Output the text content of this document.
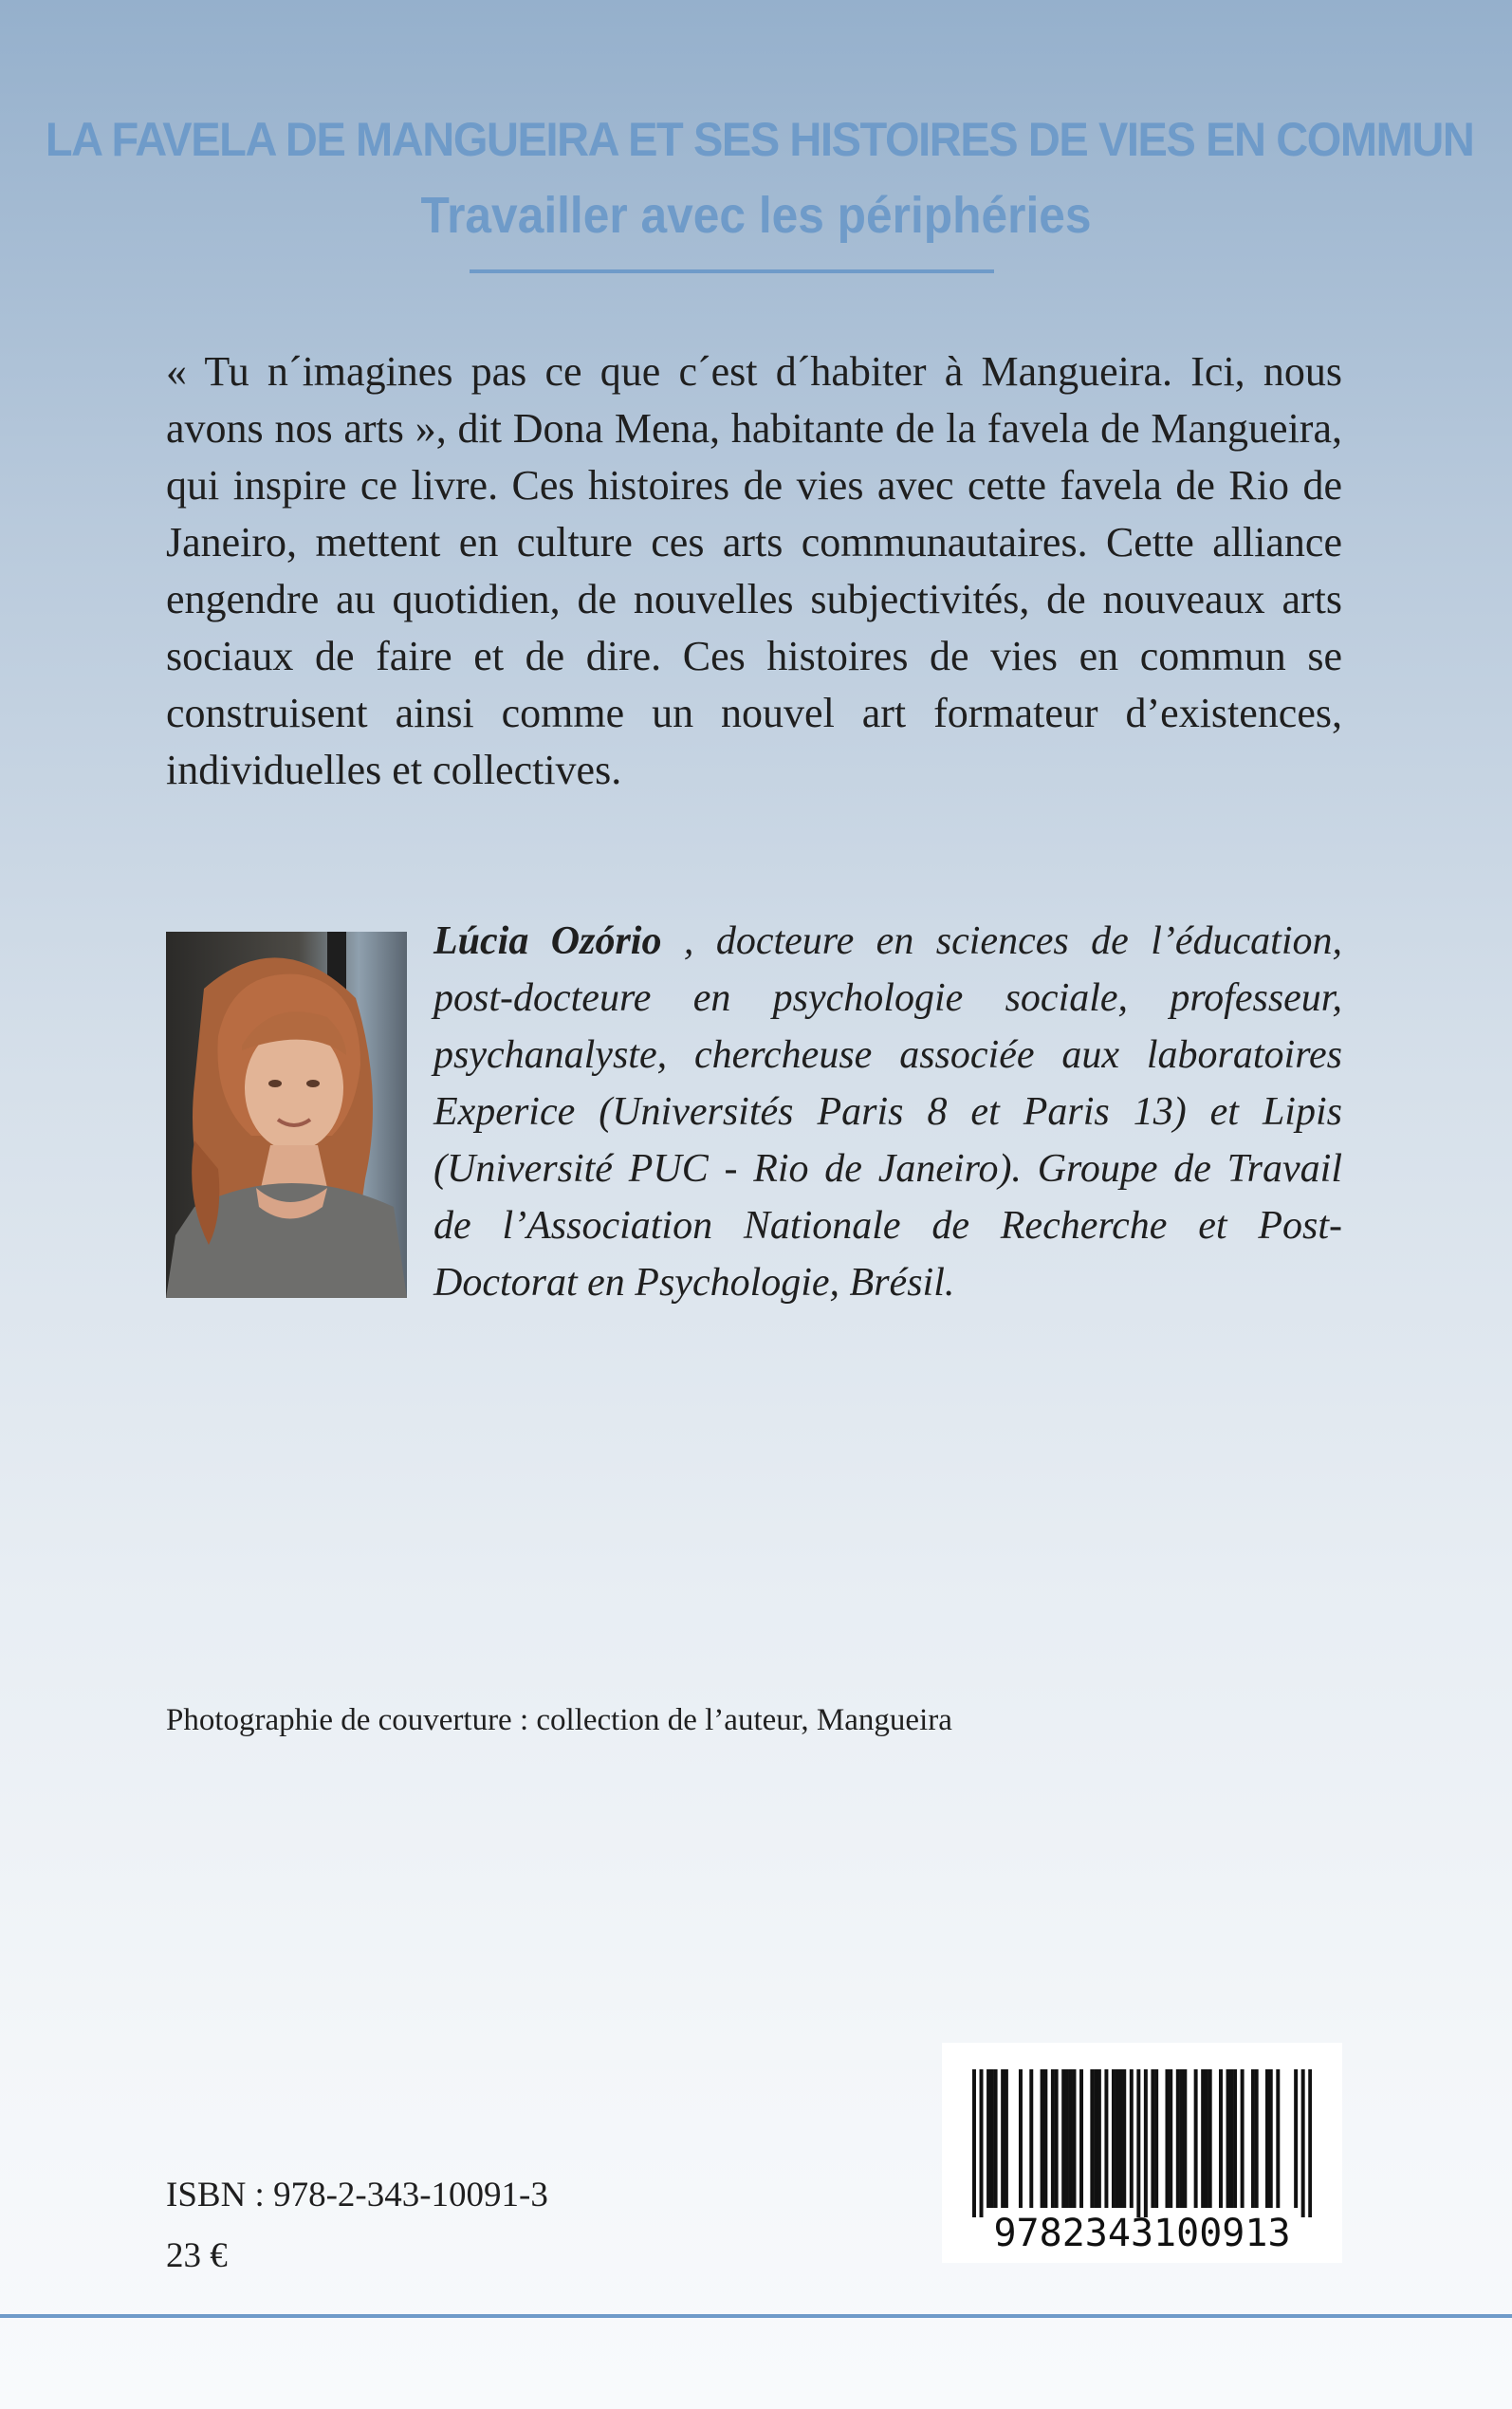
LA FAVELA DE MANGUEIRA ET SES HISTOIRES DE VIES EN COMMUN
Travailler avec les périphéries
« Tu n´imagines pas ce que c´est d´habiter à Mangueira. Ici, nous avons nos arts », dit Dona Mena, habitante de la favela de Mangueira, qui inspire ce livre. Ces histoires de vies avec cette favela de Rio de Janeiro, mettent en culture ces arts communautaires. Cette alliance engendre au quotidien, de nouvelles subjectivités, de nouveaux arts sociaux de faire et de dire. Ces histoires de vies en commun se construisent ainsi comme un nouvel art formateur d’existences, individuelles et collectives.
Lúcia Ozório , docteure en sciences de l’éducation, post-docteure en psychologie sociale, professeur, psychanalyste, chercheuse associée aux laboratoires Experice (Universités Paris 8 et Paris 13) et Lipis (Université PUC - Rio de Janeiro). Groupe de Travail de l’Association Nationale de Recherche et Post-Doctorat en Psychologie, Brésil.
Photographie de couverture : collection de l’auteur, Mangueira
9782343100913
ISBN : 978-2-343-10091-3
23 €
